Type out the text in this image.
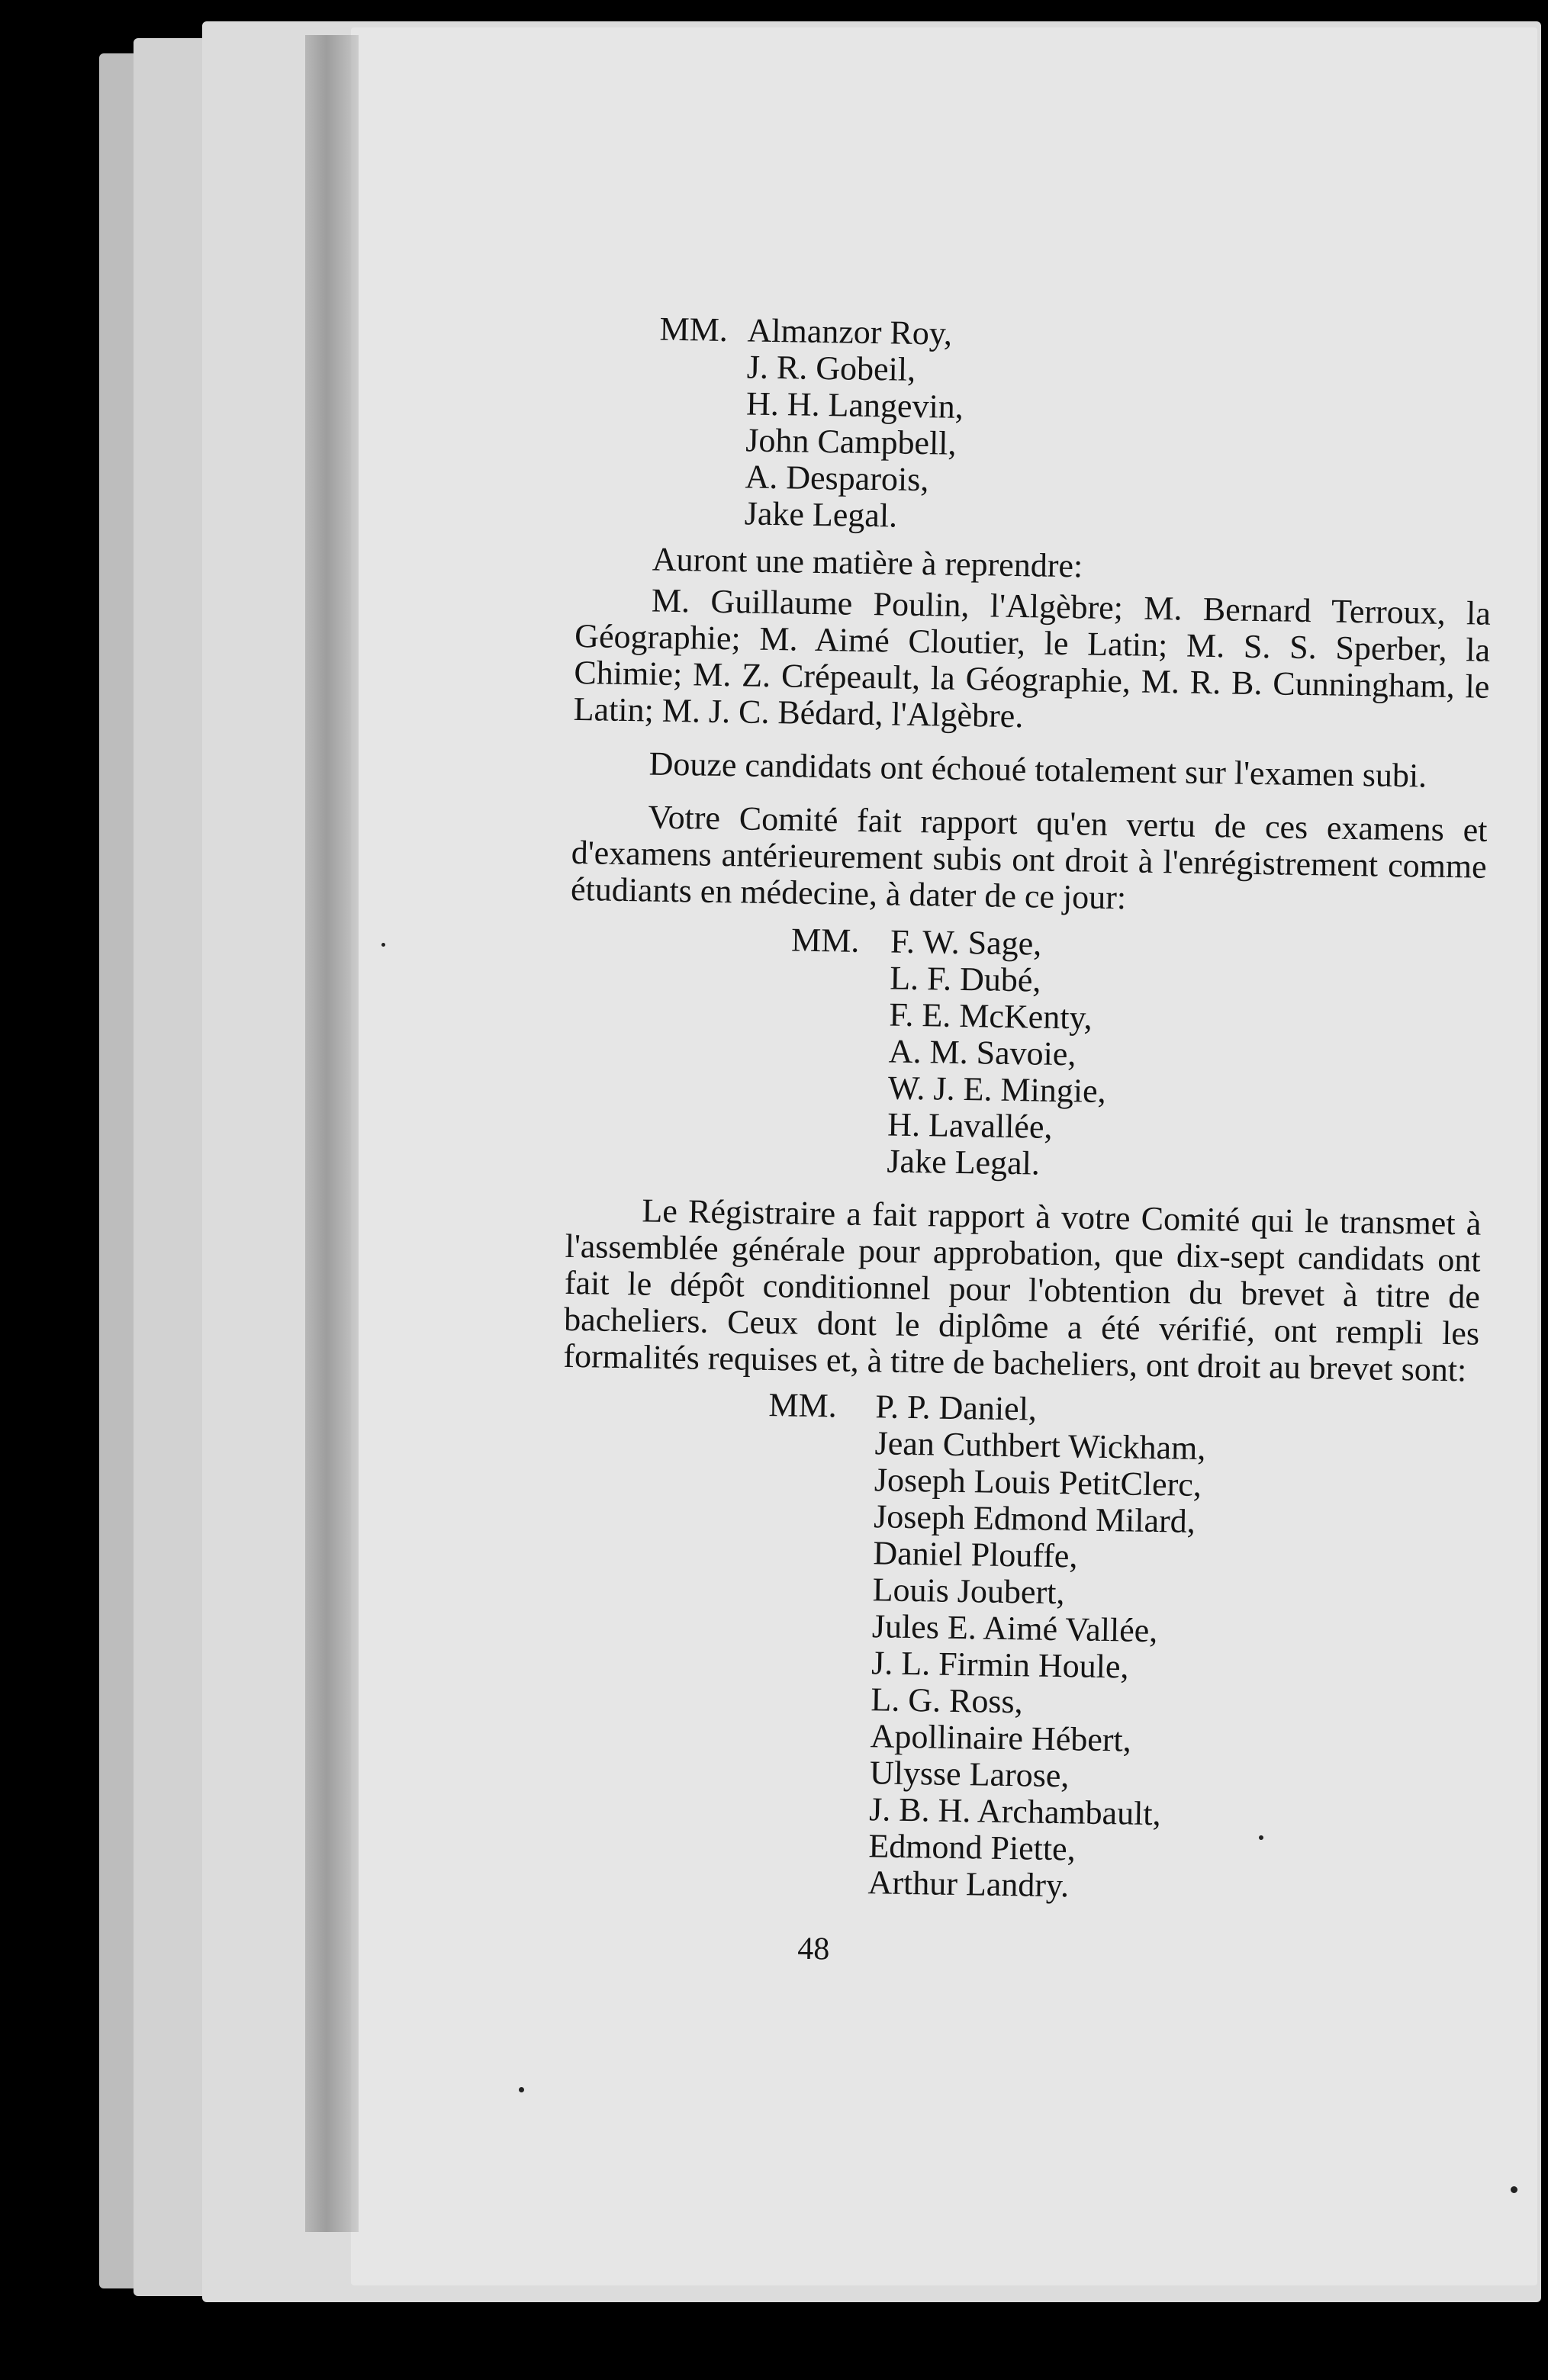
MM. Almanzor Roy,
J. R. Gobeil,
H. H. Langevin,
John Campbell,
A. Desparois,
Jake Legal.

Auront une matière à reprendre:

M. Guillaume Poulin, l'Algèbre; M. Bernard Terroux, la Géographie; M. Aimé Cloutier, le Latin; M. S. S. Sperber, la Chimie; M. Z. Crépeault, la Géographie, M. R. B. Cunningham, le Latin; M. J. C. Bédard, l'Algèbre.

Douze candidats ont échoué totalement sur l'examen subi.

Votre Comité fait rapport qu'en vertu de ces examens et d'examens antérieurement subis ont droit à l'enrégistrement comme étudiants en médecine, à dater de ce jour:

MM. F. W. Sage,
L. F. Dubé,
F. E. McKenty,
A. M. Savoie,
W. J. E. Mingie,
H. Lavallée,
Jake Legal.

Le Régistraire a fait rapport à votre Comité qui le transmet à l'assemblée générale pour approbation, que dix-sept candidats ont fait le dépôt conditionnel pour l'obtention du brevet à titre de bacheliers. Ceux dont le diplôme a été vérifié, ont rempli les formalités requises et, à titre de bacheliers, ont droit au brevet sont:

MM. P. P. Daniel,
Jean Cuthbert Wickham,
Joseph Louis PetitClerc,
Joseph Edmond Milard,
Daniel Plouffe,
Louis Joubert,
Jules E. Aimé Vallée,
J. L. Firmin Houle,
L. G. Ross,
Apollinaire Hébert,
Ulysse Larose,
J. B. H. Archambault,
Edmond Piette,
Arthur Landry.
48
